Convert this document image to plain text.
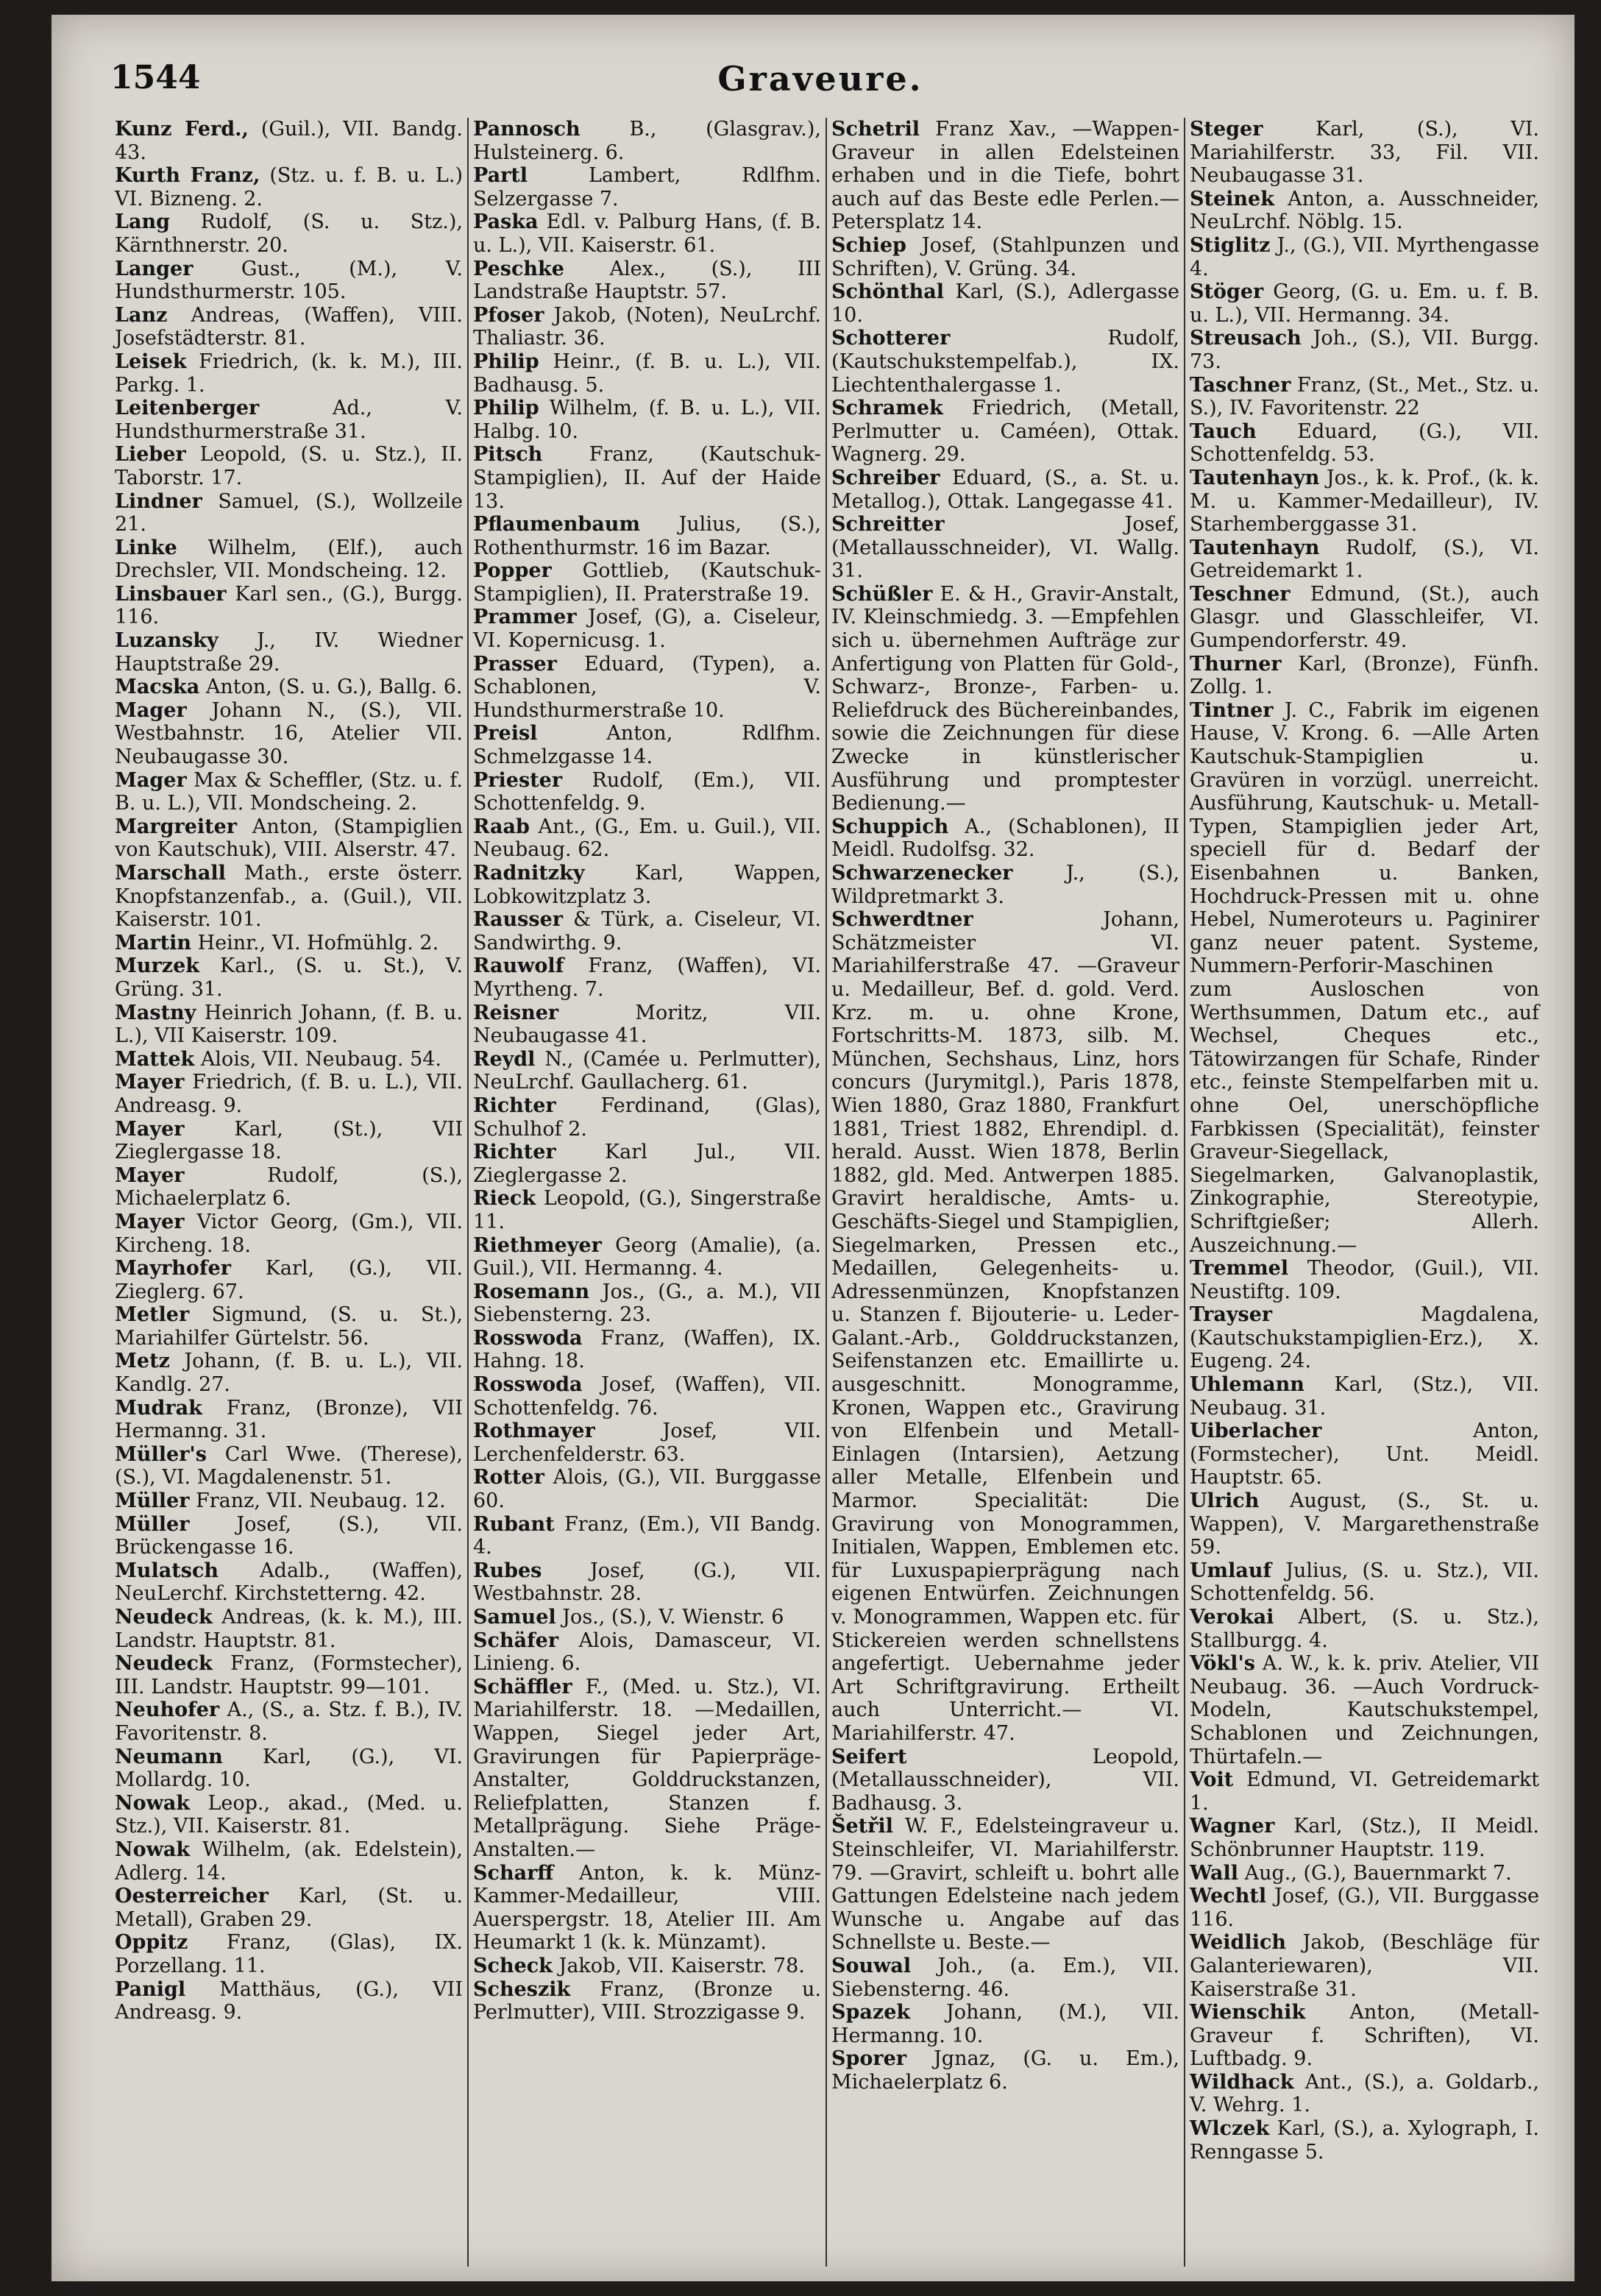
1544	Graveure.

Kunz Ferd., (Guil.), VII. Bandg. 43.

Kurth Franz, (Stz. u. f. B. u. L.) VI. Bizneng. 2.

Lang Rudolf, (S. u. Stz.), Kärnthnerstr. 20.

Langer Gust., (M.), V. Hundsthurmerstr. 105.

Lanz Andreas, (Waffen), VIII. Josefstädterstr. 81.

Leisek Friedrich, (k. k. M.), III. Parkg. 1.

Leitenberger	Ad., V. Hundsthurmerstraße 31.

Lieber Leopold, (S. u. Stz.), II. Taborstr. 17.

Lindner Samuel, (S.), Wollzeile 21.

Linke Wilhelm, (Elf.), auch Drechsler, VII. Mondscheing. 12.

Linsbauer Karl sen., (G.), Burgg. 116.

Luzansky J., IV. Wiedner Hauptstraße 29.

Macska Anton, (S. u. G.), Ballg. 6.

Mager Johann N., (S.), VII. Westbahnstr. 16, Atelier VII. Neubaugasse 30.

Mager Max & Scheffler, (Stz. u. f. B. u. L.), VII. Mondscheing. 2.

Margreiter Anton, (Stampiglien von Kautschuk), VIII. Alserstr. 47.

Marschall Math., erste österr. Knopfstanzenfab., a. (Guil.), VII. Kaiserstr. 101.

Martin Heinr., VI. Hofmühlg. 2.

Murzek Karl., (S. u. St.), V. Grüng. 31.

Mastny Heinrich Johann, (f. B. u. L.), VII Kaiserstr. 109.

Mattek Alois, VII. Neubaug. 54.

Mayer Friedrich, (f. B. u. L.), VII. Andreasg. 9.

Mayer	Karl, (St.), VII Zieglergasse 18.

Mayer	Rudolf, (S.), Michaelerplatz 6.

Mayer Victor Georg, (Gm.), VII. Kircheng. 18.

Mayrhofer Karl, (G.), VII. Zieglerg. 67.

Metler Sigmund, (S. u. St.), Mariahilfer Gürtelstr. 56.

Metz Johann, (f. B. u. L.), VII. Kandlg. 27.

Mudrak Franz, (Bronze), VII Hermanng. 31.

Müller's Carl Wwe. (Therese), (S.), VI. Magdalenenstr. 51.

Müller Franz, VII. Neubaug. 12.

Müller Josef, (S.), VII. Brückengasse 16.

Mulatsch Adalb., (Waffen), NeuLerchf. Kirchstetterng. 42.

Neudeck Andreas, (k. k. M.), III. Landstr. Hauptstr. 81.

Neudeck Franz, (Formstecher), III. Landstr. Hauptstr. 99—101.

Neuhofer A., (S., a. Stz. f. B.), IV. Favoritenstr. 8.

Neumann Karl, (G.), VI. Mollardg. 10.

Nowak Leop., akad., (Med. u. Stz.), VII. Kaiserstr. 81.

Nowak Wilhelm, (ak. Edelstein), Adlerg. 14.

Oesterreicher Karl, (St. u. Metall), Graben 29.

Oppitz Franz, (Glas), IX. Porzellang. 11.

Panigl Matthäus, (G.), VII Andreasg. 9.

Pannosch B., (Glasgrav.), Hulsteinerg. 6.

Partl	Lambert, Rdlfhm. Selzergasse 7.

Paska Edl. v. Palburg Hans, (f. B. u. L.), VII. Kaiserstr. 61.

Peschke Alex., (S.), III Landstraße Hauptstr. 57.

Pfoser Jakob, (Noten), NeuLrchf. Thaliastr. 36.

Philip Heinr., (f. B. u. L.), VII. Badhausg. 5.

Philip Wilhelm, (f. B. u. L.), VII. Halbg. 10.

Pitsch Franz, (Kautschuk-Stampiglien), II. Auf der Haide 13.

Pflaumenbaum Julius, (S.), Rothenthurmstr. 16 im Bazar.

Popper Gottlieb, (Kautschuk-Stampiglien), II. Praterstraße 19.

Prammer Josef, (G), a. Ciseleur, VI. Kopernicusg. 1.

Prasser Eduard, (Typen), a. Schablonen, V. Hundsthurmerstraße 10.

Preisl	Anton, Rdlfhm. Schmelzgasse 14.

Priester Rudolf, (Em.), VII. Schottenfeldg. 9.

Raab Ant., (G., Em. u. Guil.), VII. Neubaug. 62.

Radnitzky	Karl, Wappen, Lobkowitzplatz 3.

Rausser & Türk, a. Ciseleur, VI. Sandwirthg. 9.

Rauwolf Franz, (Waffen), VI. Myrtheng. 7.

Reisner	Moritz, VII. Neubaugasse 41.

Reydl N., (Camée u. Perlmutter), NeuLrchf. Gaullacherg. 61.

Richter Ferdinand, (Glas), Schulhof 2.

Richter Karl Jul., VII. Zieglergasse 2.

Rieck Leopold, (G.), Singerstraße 11.

Riethmeyer Georg (Amalie), (a. Guil.), VII. Hermanng. 4.

Rosemann Jos., (G., a. M.), VII Siebensterng. 23.

Rosswoda Franz, (Waffen), IX. Hahng. 18.

Rosswoda Josef, (Waffen), VII. Schottenfeldg. 76.

Rothmayer	Josef, VII. Lerchenfelderstr. 63.

Rotter Alois, (G.), VII. Burggasse 60.

Rubant Franz, (Em.), VII Bandg. 4.

Rubes Josef, (G.), VII. Westbahnstr. 28.

Samuel Jos., (S.), V. Wienstr. 6

Schäfer Alois, Damasceur, VI. Linieng. 6.

Schäffler F., (Med. u. Stz.), VI. Mariahilferstr. 18. —Medaillen, Wappen, Siegel jeder Art, Gravirungen für Papierpräge-Anstalter, Golddruckstanzen, Reliefplatten, Stanzen f. Metallprägung. Siehe Präge-Anstalten.—

Scharff Anton, k. k. Münz-Kammer-Medailleur, VIII. Auerspergstr. 18, Atelier III. Am Heumarkt 1 (k. k. Münzamt).

Scheck Jakob, VII. Kaiserstr. 78.

Scheszik Franz, (Bronze u. Perlmutter), VIII. Strozzigasse 9.

Schetril Franz Xav., —Wappen-Graveur in allen Edelsteinen erhaben und in die Tiefe, bohrt auch auf das Beste edle Perlen.— Petersplatz 14.

Schiep Josef, (Stahlpunzen und Schriften), V. Grüng. 34.

Schönthal Karl, (S.), Adlergasse 10.

Schotterer	Rudolf, (Kautschukstempelfab.), IX. Liechtenthalergasse 1.

Schramek Friedrich, (Metall, Perlmutter u. Caméen), Ottak. Wagnerg. 29.

Schreiber Eduard, (S., a. St. u. Metallog.), Ottak. Langegasse 41.

Schreitter	Josef, (Metallausschneider), VI. Wallg. 31.

Schüßler E. & H., Gravir-Anstalt, IV. Kleinschmiedg. 3. —Empfehlen sich u. übernehmen Aufträge zur Anfertigung von Platten für Gold-, Schwarz-, Bronze-, Farben- u. Reliefdruck des Büchereinbandes, sowie die Zeichnungen für diese Zwecke in künstlerischer Ausführung und promptester Bedienung.—

Schuppich A., (Schablonen), II Meidl. Rudolfsg. 32.

Schwarzenecker	J., (S.), Wildpretmarkt 3.

Schwerdtner	Johann, Schätzmeister VI. Mariahilferstraße 47. —Graveur u. Medailleur, Bef. d. gold. Verd. Krz. m. u. ohne Krone, Fortschritts-M. 1873, silb. M. München, Sechshaus, Linz, hors concurs (Jurymitgl.), Paris 1878, Wien 1880, Graz 1880, Frankfurt 1881, Triest 1882, Ehrendipl. d. herald. Ausst. Wien 1878, Berlin 1882, gld. Med. Antwerpen 1885. Gravirt heraldische, Amts- u. Geschäfts-Siegel und Stampiglien, Siegelmarken, Pressen etc., Medaillen, Gelegenheits- u. Adressenmünzen, Knopfstanzen u. Stanzen f. Bijouterie- u. Leder-Galant.-Arb., Golddruckstanzen, Seifenstanzen etc. Emaillirte u. ausgeschnitt. Monogramme, Kronen, Wappen etc., Gravirung von Elfenbein und Metall-Einlagen (Intarsien), Aetzung aller Metalle, Elfenbein und Marmor. Specialität: Die Gravirung von Monogrammen, Initialen, Wappen, Emblemen etc. für Luxuspapierprägung nach eigenen Entwürfen. Zeichnungen v. Monogrammen, Wappen etc. für Stickereien werden schnellstens angefertigt. Uebernahme jeder Art Schriftgravirung. Ertheilt auch Unterricht.— VI. Mariahilferstr. 47.

Seifert	Leopold, (Metallausschneider), VII. Badhausg. 3.

Šetřil W. F., Edelsteingraveur u. Steinschleifer, VI. Mariahilferstr. 79. —Gravirt, schleift u. bohrt alle Gattungen Edelsteine nach jedem Wunsche u. Angabe auf das Schnellste u. Beste.—

Souwal Joh., (a. Em.), VII. Siebensterng. 46.

Spazek Johann, (M.), VII. Hermanng. 10.

Sporer Jgnaz, (G. u. Em.), Michaelerplatz 6.

Steger	Karl, (S.), VI. Mariahilferstr. 33, Fil. VII. Neubaugasse 31.

Steinek Anton, a. Ausschneider, NeuLrchf. Nöblg. 15.

Stiglitz J., (G.), VII. Myrthengasse 4.

Stöger Georg, (G. u. Em. u. f. B. u. L.), VII. Hermanng. 34.

Streusach Joh., (S.), VII. Burgg. 73.

Taschner Franz, (St., Met., Stz. u. S.), IV. Favoritenstr. 22

Tauch Eduard, (G.), VII. Schottenfeldg. 53.

Tautenhayn Jos., k. k. Prof., (k. k. M. u. Kammer-Medailleur), IV. Starhemberggasse 31.

Tautenhayn Rudolf, (S.), VI. Getreidemarkt 1.

Teschner Edmund, (St.), auch Glasgr. und Glasschleifer, VI. Gumpendorferstr. 49.

Thurner Karl, (Bronze), Fünfh. Zollg. 1.

Tintner J. C., Fabrik im eigenen Hause, V. Krong. 6. —Alle Arten Kautschuk-Stampiglien u. Gravüren in vorzügl. unerreicht. Ausführung, Kautschuk- u. Metall-Typen, Stampiglien jeder Art, speciell für d. Bedarf der Eisenbahnen u. Banken, Hochdruck-Pressen mit u. ohne Hebel, Numeroteurs u. Paginirer ganz neuer patent. Systeme, Nummern-Perforir-Maschinen zum Ausloschen von Werthsummen, Datum etc., auf Wechsel, Cheques etc., Tätowirzangen für Schafe, Rinder etc., feinste Stempelfarben mit u. ohne Oel, unerschöpfliche Farbkissen (Specialität), feinster Graveur-Siegellack, Siegelmarken, Galvanoplastik, Zinkographie, Stereotypie, Schriftgießer; Allerh. Auszeichnung.—

Tremmel Theodor, (Guil.), VII. Neustiftg. 109.

Trayser	Magdalena, (Kautschukstampiglien-Erz.), X. Eugeng. 24.

Uhlemann Karl, (Stz.), VII. Neubaug. 31.

Uiberlacher	Anton, (Formstecher), Unt. Meidl. Hauptstr. 65.

Ulrich August, (S., St. u. Wappen), V. Margarethenstraße 59.

Umlauf Julius, (S. u. Stz.), VII. Schottenfeldg. 56.

Verokai Albert, (S. u. Stz.), Stallburgg. 4.

Vökl's A. W., k. k. priv. Atelier, VII Neubaug. 36. —Auch Vordruck-Modeln, Kautschukstempel, Schablonen und Zeichnungen, Thürtafeln.—

Voit Edmund, VI. Getreidemarkt 1.

Wagner Karl, (Stz.), II Meidl. Schönbrunner Hauptstr. 119.

Wall Aug., (G.), Bauernmarkt 7.

Wechtl Josef, (G.), VII. Burggasse 116.

Weidlich Jakob, (Beschläge für Galanteriewaren), VII. Kaiserstraße 31.

Wienschik Anton, (Metall-Graveur f. Schriften), VI. Luftbadg. 9.

Wildhack Ant., (S.), a. Goldarb., V. Wehrg. 1.

Wlczek Karl, (S.), a. Xylograph, I. Renngasse 5.
